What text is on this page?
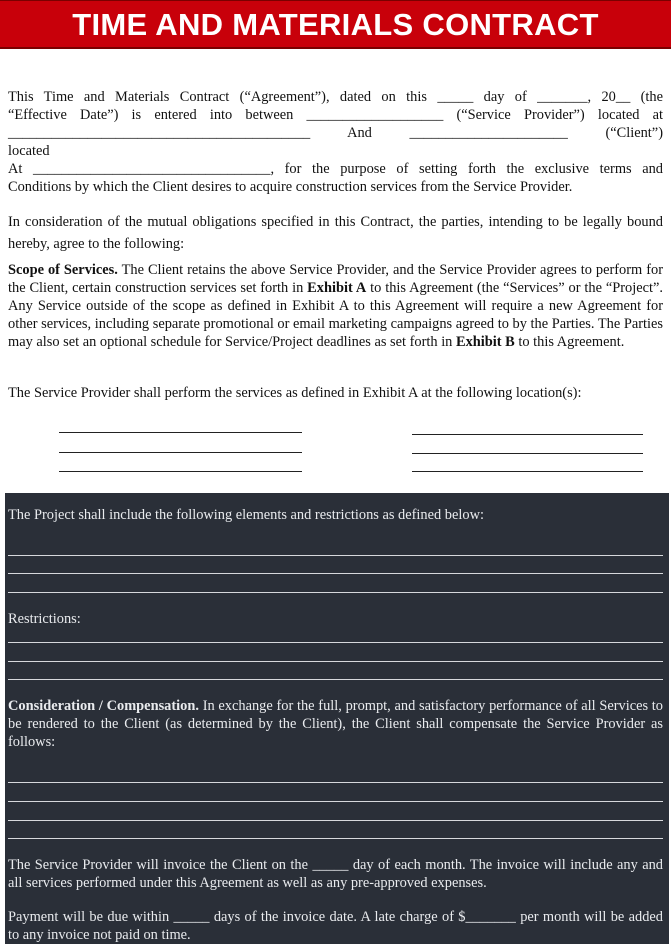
TIME AND MATERIALS CONTRACT
This Time and Materials Contract (“Agreement”), dated on this _____ day of _______, 20__ (the
“Effective Date”) is entered into between ___________________ (“Service Provider”) located at
__________________________________________ And ______________________ (“Client”)
located
At _________________________________, for the purpose of setting forth the exclusive terms and
Conditions by which the Client desires to acquire construction services from the Service Provider.
In consideration of the mutual obligations specified in this Contract, the parties, intending to be legally bound hereby, agree to the following:
Scope of Services. The Client retains the above Service Provider, and the Service Provider agrees to perform for the Client, certain construction services set forth in Exhibit A to this Agreement (the “Services” or the “Project”. Any Service outside of the scope as defined in Exhibit A to this Agreement will require a new Agreement for other services, including separate promotional or email marketing campaigns agreed to by the Parties. The Parties may also set an optional schedule for Service/Project deadlines as set forth in Exhibit B to this Agreement.
The Service Provider shall perform the services as defined in Exhibit A at the following location(s):
The Project shall include the following elements and restrictions as defined below:
Restrictions:
Consideration / Compensation. In exchange for the full, prompt, and satisfactory performance of all Services to be rendered to the Client (as determined by the Client), the Client shall compensate the Service Provider as follows:
The Service Provider will invoice the Client on the _____ day of each month. The invoice will include any and all services performed under this Agreement as well as any pre-approved expenses.
Payment will be due within _____ days of the invoice date. A late charge of $_______ per month will be added to any invoice not paid on time.
